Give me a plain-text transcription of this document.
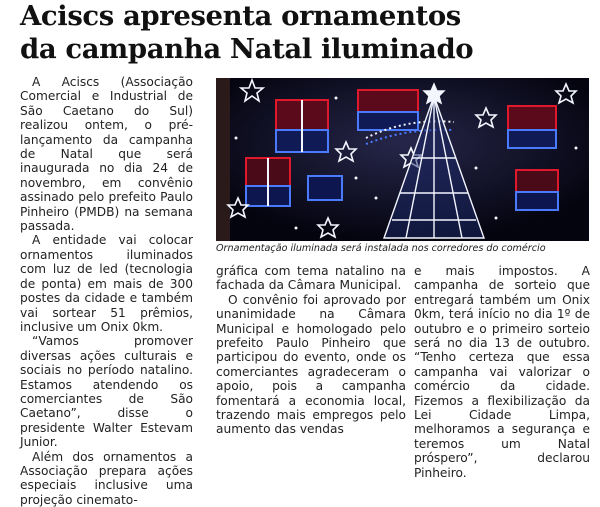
Aciscs apresenta ornamentos
da campanha Natal iluminado

A Aciscs (Associação Comercial e Industrial de São Caetano do Sul) realizou ontem, o pré-lançamento da campanha de Natal que será inaugurada no dia 24 de novembro, em convênio assinado pelo prefeito Paulo Pinheiro (PMDB) na semana passada.

A entidade vai colocar ornamentos iluminados com luz de led (tecnologia de ponta) em mais de 300 postes da cidade e também vai sortear 51 prêmios, inclusive um Onix 0km.

“Vamos promover diversas ações culturais e sociais no período natalino. Estamos atendendo os comerciantes de São Caetano”, disse o presidente Walter Estevam Junior.

Além dos ornamentos a Associação prepara ações especiais inclusive uma projeção cinemato-

Ornamentação iluminada será instalada nos corredores do comércio

gráfica com tema natalino na fachada da Câmara Municipal.

O convênio foi aprovado por unanimidade na Câmara Municipal e homologado pelo prefeito Paulo Pinheiro que participou do evento, onde os comerciantes agradeceram o apoio, pois a campanha fomentará a economia local, trazendo mais empregos pelo aumento das vendas

e mais impostos. A campanha de sorteio que entregará também um Onix 0km, terá início no dia 1º de outubro e o primeiro sorteio será no dia 13 de outubro. “Tenho certeza que essa campanha vai valorizar o comércio da cidade. Fizemos a flexibilização da Lei Cidade Limpa, melhoramos a segurança e teremos um Natal próspero”, declarou Pinheiro.
